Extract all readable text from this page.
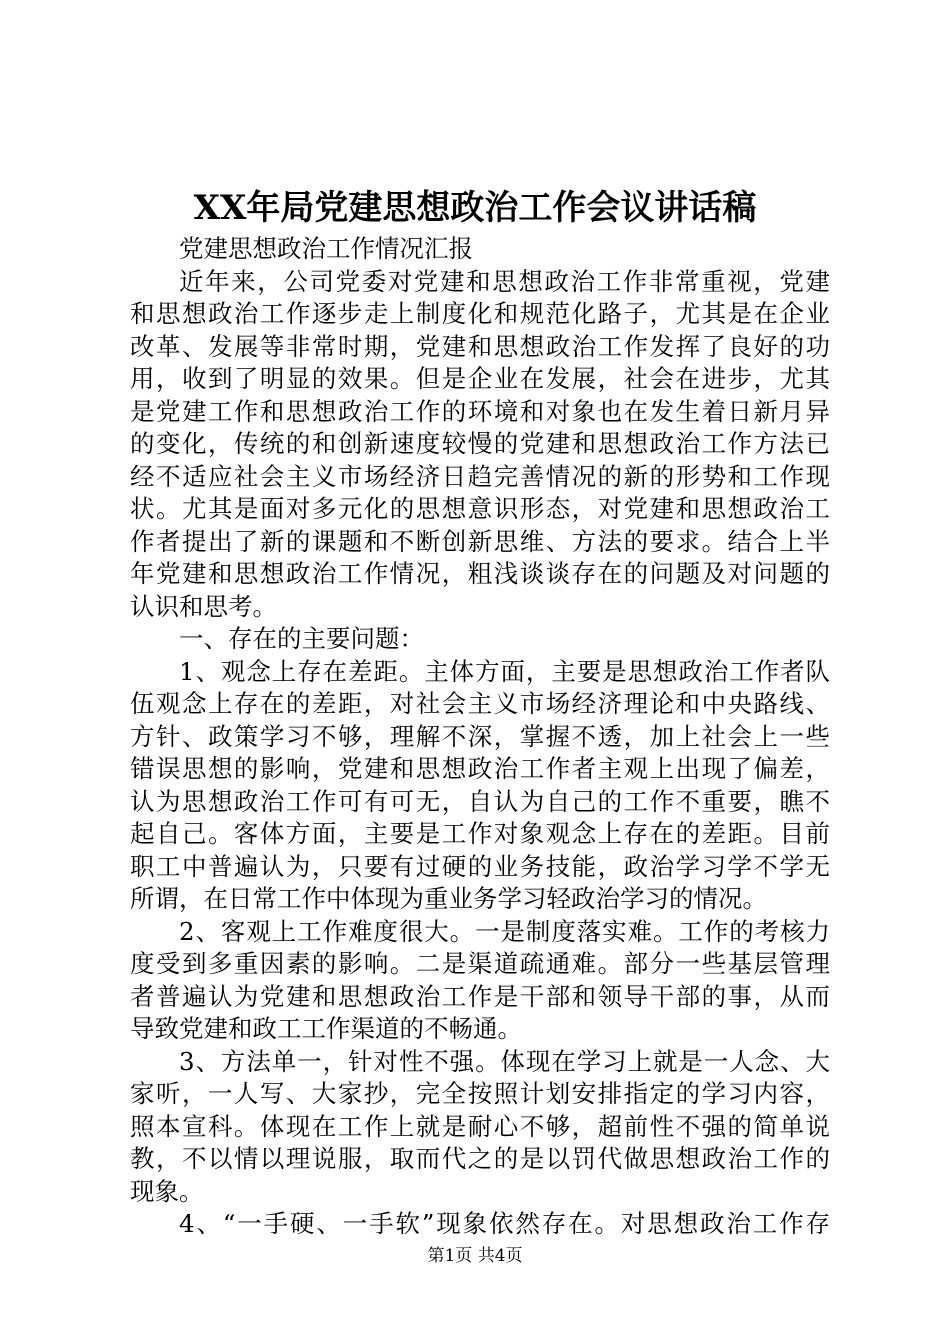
XX年局党建思想政治工作会议讲话稿
党建思想政治工作情况汇报
近年来，公司党委对党建和思想政治工作非常重视，党建
和思想政治工作逐步走上制度化和规范化路子，尤其是在企业
改革、发展等非常时期，党建和思想政治工作发挥了良好的功
用，收到了明显的效果。但是企业在发展，社会在进步，尤其
是党建工作和思想政治工作的环境和对象也在发生着日新月异
的变化，传统的和创新速度较慢的党建和思想政治工作方法已
经不适应社会主义市场经济日趋完善情况的新的形势和工作现
状。尤其是面对多元化的思想意识形态，对党建和思想政治工
作者提出了新的课题和不断创新思维、方法的要求。结合上半
年党建和思想政治工作情况，粗浅谈谈存在的问题及对问题的
认识和思考。
一、存在的主要问题：
1、观念上存在差距。主体方面，主要是思想政治工作者队
伍观念上存在的差距，对社会主义市场经济理论和中央路线、
方针、政策学习不够，理解不深，掌握不透，加上社会上一些
错误思想的影响，党建和思想政治工作者主观上出现了偏差，
认为思想政治工作可有可无，自认为自己的工作不重要，瞧不
起自己。客体方面，主要是工作对象观念上存在的差距。目前
职工中普遍认为，只要有过硬的业务技能，政治学习学不学无
所谓，在日常工作中体现为重业务学习轻政治学习的情况。
2、客观上工作难度很大。一是制度落实难。工作的考核力
度受到多重因素的影响。二是渠道疏通难。部分一些基层管理
者普遍认为党建和思想政治工作是干部和领导干部的事，从而
导致党建和政工工作渠道的不畅通。
3、方法单一，针对性不强。体现在学习上就是一人念、大
家听，一人写、大家抄，完全按照计划安排指定的学习内容，
照本宣科。体现在工作上就是耐心不够，超前性不强的简单说
教，不以情以理说服，取而代之的是以罚代做思想政治工作的
现象。
4、“一手硬、一手软”现象依然存在。对思想政治工作存
第1页 共4页
